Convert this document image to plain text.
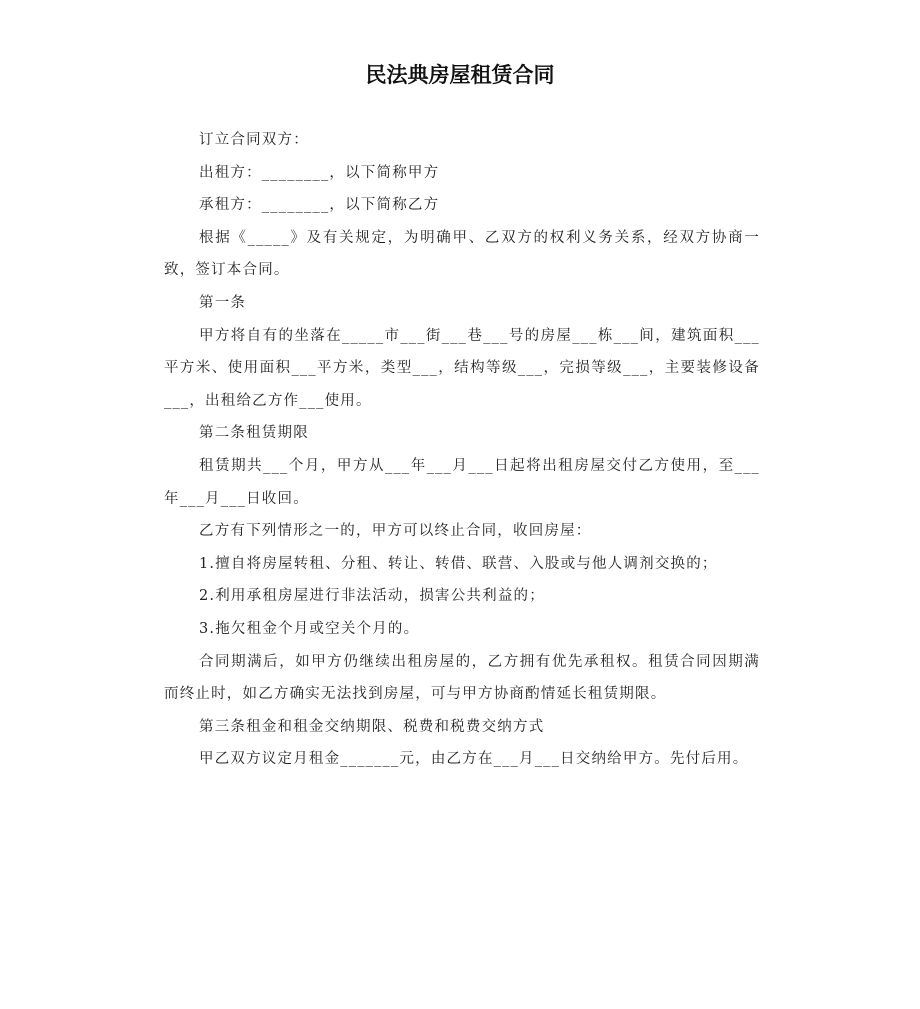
民法典房屋租赁合同

订立合同双方：

出租方：________，以下简称甲方

承租方：________，以下简称乙方

根据《_____》及有关规定，为明确甲、乙双方的权利义务关系，经双方协商一致，签订本合同。

第一条

甲方将自有的坐落在_____市___街___巷___号的房屋___栋___间，建筑面积___平方米、使用面积___平方米，类型___，结构等级___，完损等级___，主要装修设备___，出租给乙方作___使用。

第二条租赁期限

租赁期共___个月，甲方从___年___月___日起将出租房屋交付乙方使用，至___年___月___日收回。

乙方有下列情形之一的，甲方可以终止合同，收回房屋：

1.擅自将房屋转租、分租、转让、转借、联营、入股或与他人调剂交换的；

2.利用承租房屋进行非法活动，损害公共利益的；

3.拖欠租金个月或空关个月的。

合同期满后，如甲方仍继续出租房屋的，乙方拥有优先承租权。租赁合同因期满而终止时，如乙方确实无法找到房屋，可与甲方协商酌情延长租赁期限。

第三条租金和租金交纳期限、税费和税费交纳方式

甲乙双方议定月租金_______元，由乙方在___月___日交纳给甲方。先付后用。
